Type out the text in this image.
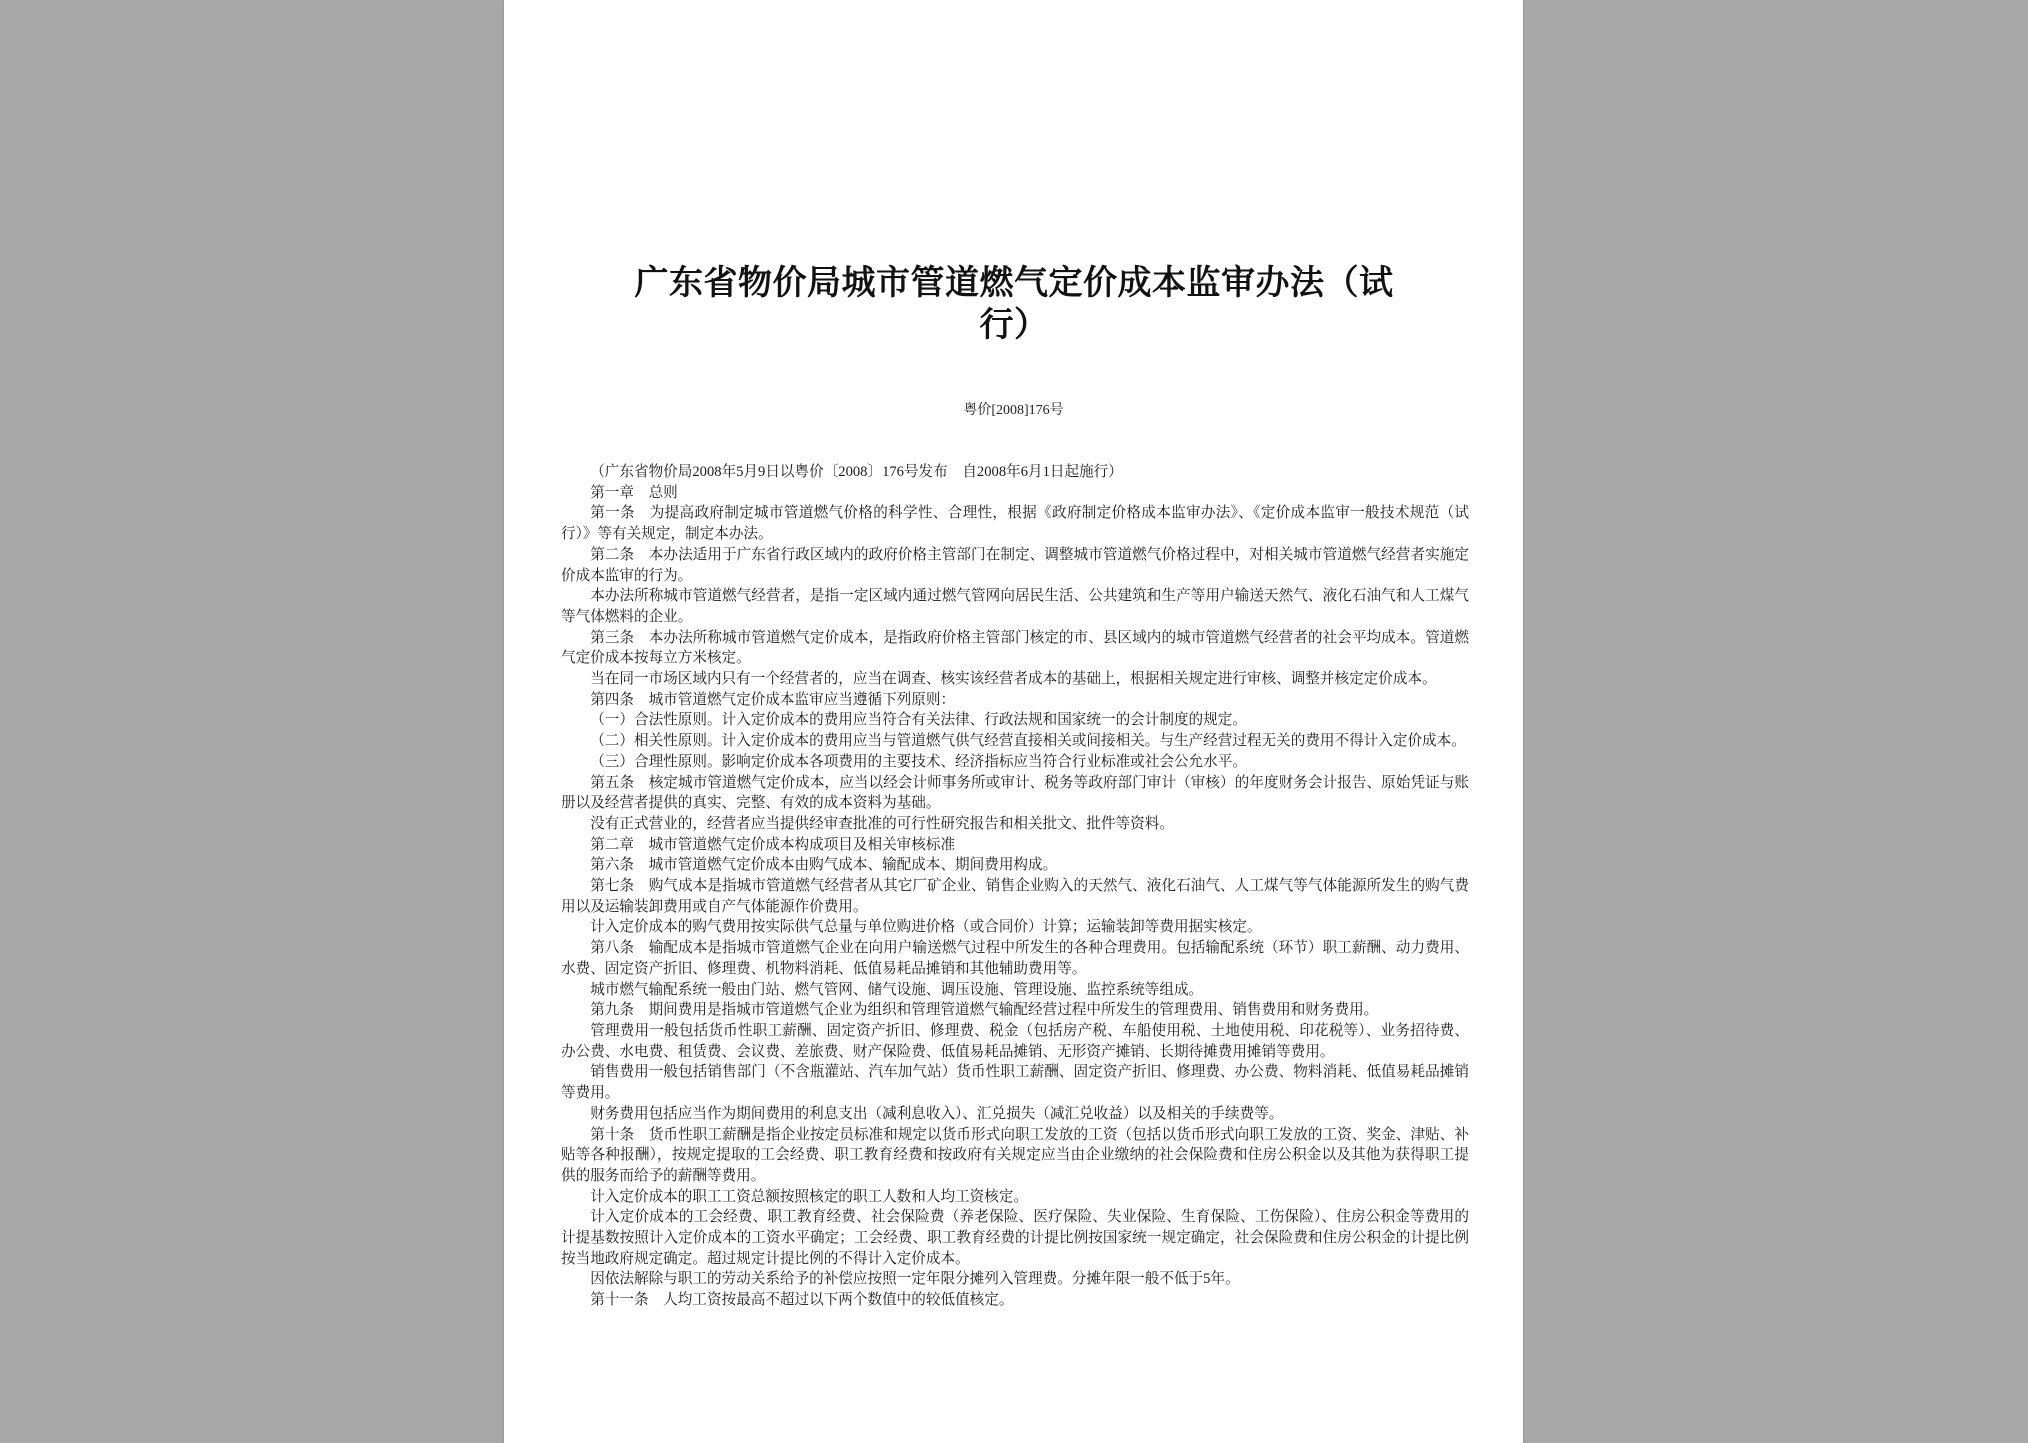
广东省物价局城市管道燃气定价成本监审办法（试行）
粤价[2008]176号

（广东省物价局2008年5月9日以粤价〔2008〕176号发布　自2008年6月1日起施行）

第一章　总则

第一条　为提高政府制定城市管道燃气价格的科学性、合理性，根据《政府制定价格成本监审办法》、《定价成本监审一般技术规范（试行）》等有关规定，制定本办法。

第二条　本办法适用于广东省行政区域内的政府价格主管部门在制定、调整城市管道燃气价格过程中，对相关城市管道燃气经营者实施定价成本监审的行为。

本办法所称城市管道燃气经营者，是指一定区域内通过燃气管网向居民生活、公共建筑和生产等用户输送天然气、液化石油气和人工煤气等气体燃料的企业。

第三条　本办法所称城市管道燃气定价成本，是指政府价格主管部门核定的市、县区域内的城市管道燃气经营者的社会平均成本。管道燃气定价成本按每立方米核定。

当在同一市场区域内只有一个经营者的，应当在调查、核实该经营者成本的基础上，根据相关规定进行审核、调整并核定定价成本。

第四条　城市管道燃气定价成本监审应当遵循下列原则：

（一）合法性原则。计入定价成本的费用应当符合有关法律、行政法规和国家统一的会计制度的规定。

（二）相关性原则。计入定价成本的费用应当与管道燃气供气经营直接相关或间接相关。与生产经营过程无关的费用不得计入定价成本。

（三）合理性原则。影响定价成本各项费用的主要技术、经济指标应当符合行业标准或社会公允水平。

第五条　核定城市管道燃气定价成本，应当以经会计师事务所或审计、税务等政府部门审计（审核）的年度财务会计报告、原始凭证与账册以及经营者提供的真实、完整、有效的成本资料为基础。

没有正式营业的，经营者应当提供经审查批准的可行性研究报告和相关批文、批件等资料。

第二章　城市管道燃气定价成本构成项目及相关审核标准

第六条　城市管道燃气定价成本由购气成本、输配成本、期间费用构成。

第七条　购气成本是指城市管道燃气经营者从其它厂矿企业、销售企业购入的天然气、液化石油气、人工煤气等气体能源所发生的购气费用以及运输装卸费用或自产气体能源作价费用。

计入定价成本的购气费用按实际供气总量与单位购进价格（或合同价）计算；运输装卸等费用据实核定。

第八条　输配成本是指城市管道燃气企业在向用户输送燃气过程中所发生的各种合理费用。包括输配系统（环节）职工薪酬、动力费用、水费、固定资产折旧、修理费、机物料消耗、低值易耗品摊销和其他辅助费用等。

城市燃气输配系统一般由门站、燃气管网、储气设施、调压设施、管理设施、监控系统等组成。

第九条　期间费用是指城市管道燃气企业为组织和管理管道燃气输配经营过程中所发生的管理费用、销售费用和财务费用。

管理费用一般包括货币性职工薪酬、固定资产折旧、修理费、税金（包括房产税、车船使用税、土地使用税、印花税等）、业务招待费、办公费、水电费、租赁费、会议费、差旅费、财产保险费、低值易耗品摊销、无形资产摊销、长期待摊费用摊销等费用。

销售费用一般包括销售部门（不含瓶灌站、汽车加气站）货币性职工薪酬、固定资产折旧、修理费、办公费、物料消耗、低值易耗品摊销等费用。

财务费用包括应当作为期间费用的利息支出（减利息收入）、汇兑损失（减汇兑收益）以及相关的手续费等。

第十条　货币性职工薪酬是指企业按定员标准和规定以货币形式向职工发放的工资（包括以货币形式向职工发放的工资、奖金、津贴、补贴等各种报酬），按规定提取的工会经费、职工教育经费和按政府有关规定应当由企业缴纳的社会保险费和住房公积金以及其他为获得职工提供的服务而给予的薪酬等费用。

计入定价成本的职工工资总额按照核定的职工人数和人均工资核定。

计入定价成本的工会经费、职工教育经费、社会保险费（养老保险、医疗保险、失业保险、生育保险、工伤保险）、住房公积金等费用的计提基数按照计入定价成本的工资水平确定；工会经费、职工教育经费的计提比例按国家统一规定确定，社会保险费和住房公积金的计提比例按当地政府规定确定。超过规定计提比例的不得计入定价成本。

因依法解除与职工的劳动关系给予的补偿应按照一定年限分摊列入管理费。分摊年限一般不低于5年。

第十一条　人均工资按最高不超过以下两个数值中的较低值核定。
